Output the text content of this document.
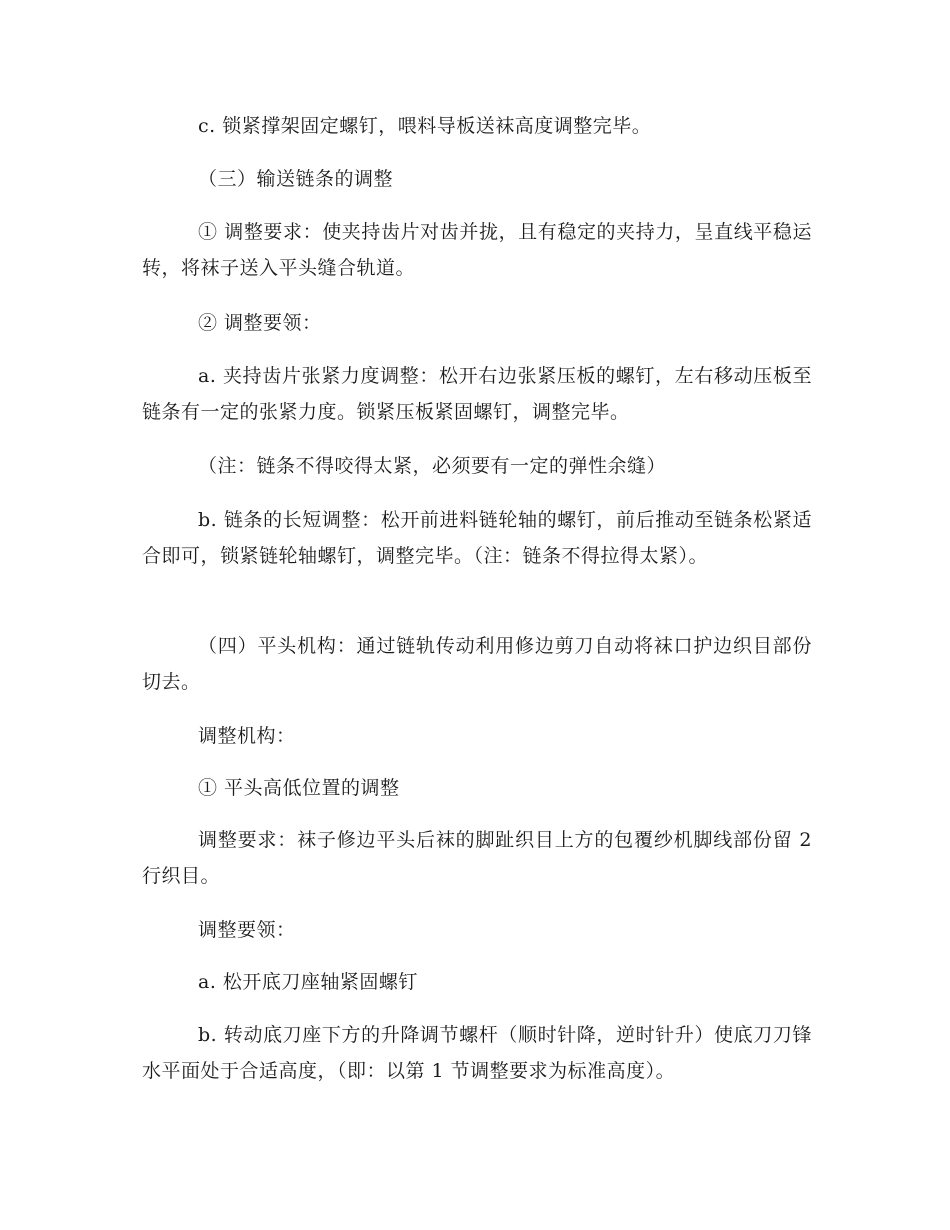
c. 锁紧撑架固定螺钉，喂料导板送袜高度调整完毕。

（三）输送链条的调整

① 调整要求：使夹持齿片对齿并拢，且有稳定的夹持力，呈直线平稳运转，将袜子送入平头缝合轨道。

② 调整要领：

a. 夹持齿片张紧力度调整：松开右边张紧压板的螺钉，左右移动压板至链条有一定的张紧力度。锁紧压板紧固螺钉，调整完毕。

（注：链条不得咬得太紧，必须要有一定的弹性余缝）

b. 链条的长短调整：松开前进料链轮轴的螺钉，前后推动至链条松紧适合即可，锁紧链轮轴螺钉，调整完毕。（注：链条不得拉得太紧）。

（四）平头机构：通过链轨传动利用修边剪刀自动将袜口护边织目部份切去。

调整机构：

① 平头高低位置的调整

调整要求：袜子修边平头后袜的脚趾织目上方的包覆纱机脚线部份留 2 行织目。

调整要领：

a. 松开底刀座轴紧固螺钉

b. 转动底刀座下方的升降调节螺杆（顺时针降，逆时针升）使底刀刀锋水平面处于合适高度，（即：以第 1 节调整要求为标准高度）。
